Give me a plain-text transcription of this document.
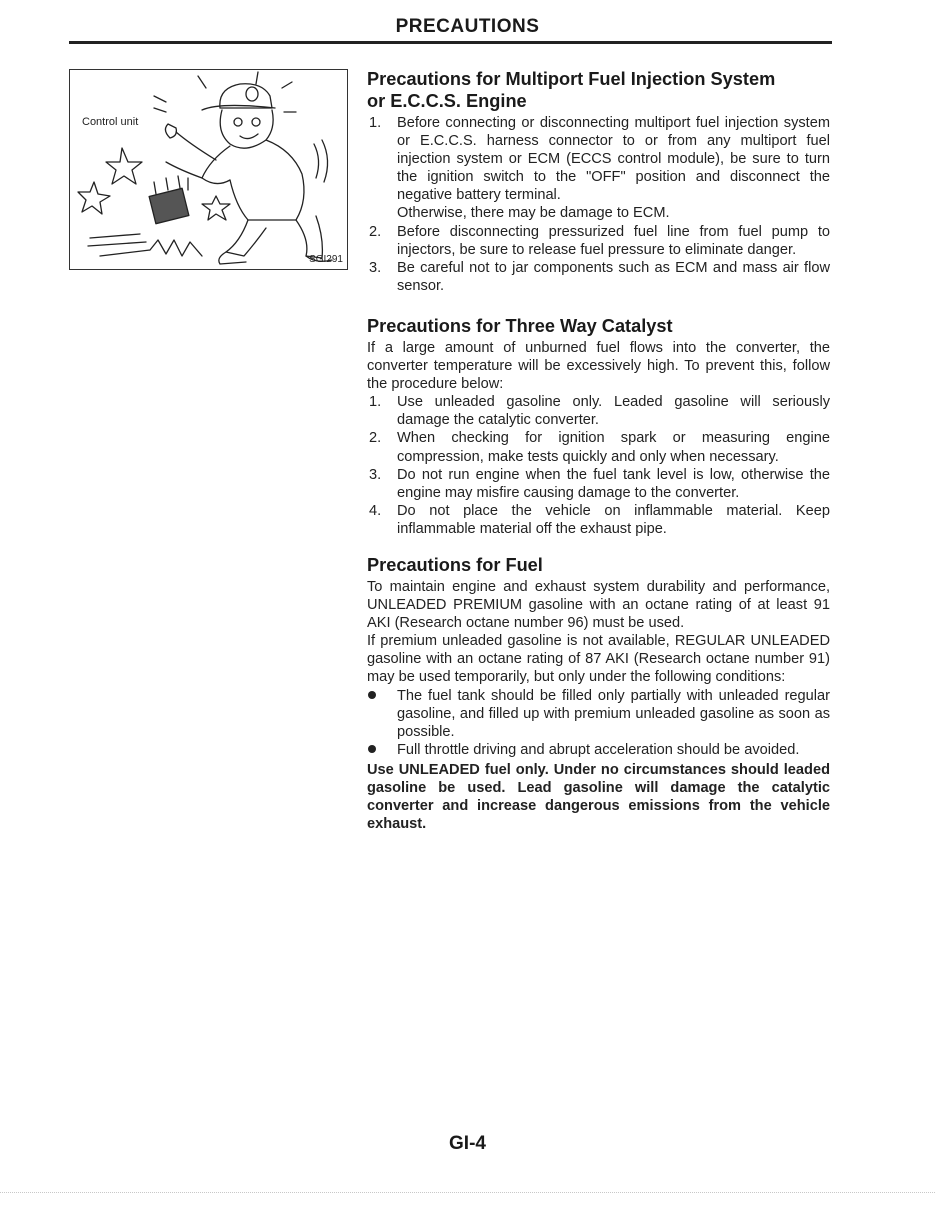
PRECAUTIONS
Control unit
SGI291
Precautions for Multiport Fuel Injection System
or E.C.C.S. Engine
1.	Before connecting or disconnecting multiport fuel injection system or E.C.C.S. harness connector to or from any multiport fuel injection system or ECM (ECCS control module), be sure to turn the ignition switch to the "OFF" position and disconnect the negative battery terminal.
Otherwise, there may be damage to ECM.
2.	Before disconnecting pressurized fuel line from fuel pump to injectors, be sure to release fuel pressure to eliminate danger.
3.	Be careful not to jar components such as ECM and mass air flow sensor.
Precautions for Three Way Catalyst

If a large amount of unburned fuel flows into the converter, the converter temperature will be excessively high. To prevent this, follow the procedure below:

1.	Use unleaded gasoline only. Leaded gasoline will seriously damage the catalytic converter.
2.	When checking for ignition spark or measuring engine compression, make tests quickly and only when necessary.
3.	Do not run engine when the fuel tank level is low, otherwise the engine may misfire causing damage to the converter.
4.	Do not place the vehicle on inflammable material. Keep inflammable material off the exhaust pipe.
Precautions for Fuel

To maintain engine and exhaust system durability and performance, UNLEADED PREMIUM gasoline with an octane rating of at least 91 AKI (Research octane number 96) must be used.

If premium unleaded gasoline is not available, REGULAR UNLEADED gasoline with an octane rating of 87 AKI (Research octane number 91) may be used temporarily, but only under the following conditions:

The fuel tank should be filled only partially with unleaded regular gasoline, and filled up with premium unleaded gasoline as soon as possible.
Full throttle driving and abrupt acceleration should be avoided.

Use UNLEADED fuel only. Under no circumstances should leaded gasoline be used. Lead gasoline will damage the catalytic converter and increase dangerous emissions from the vehicle exhaust.

GI-4
